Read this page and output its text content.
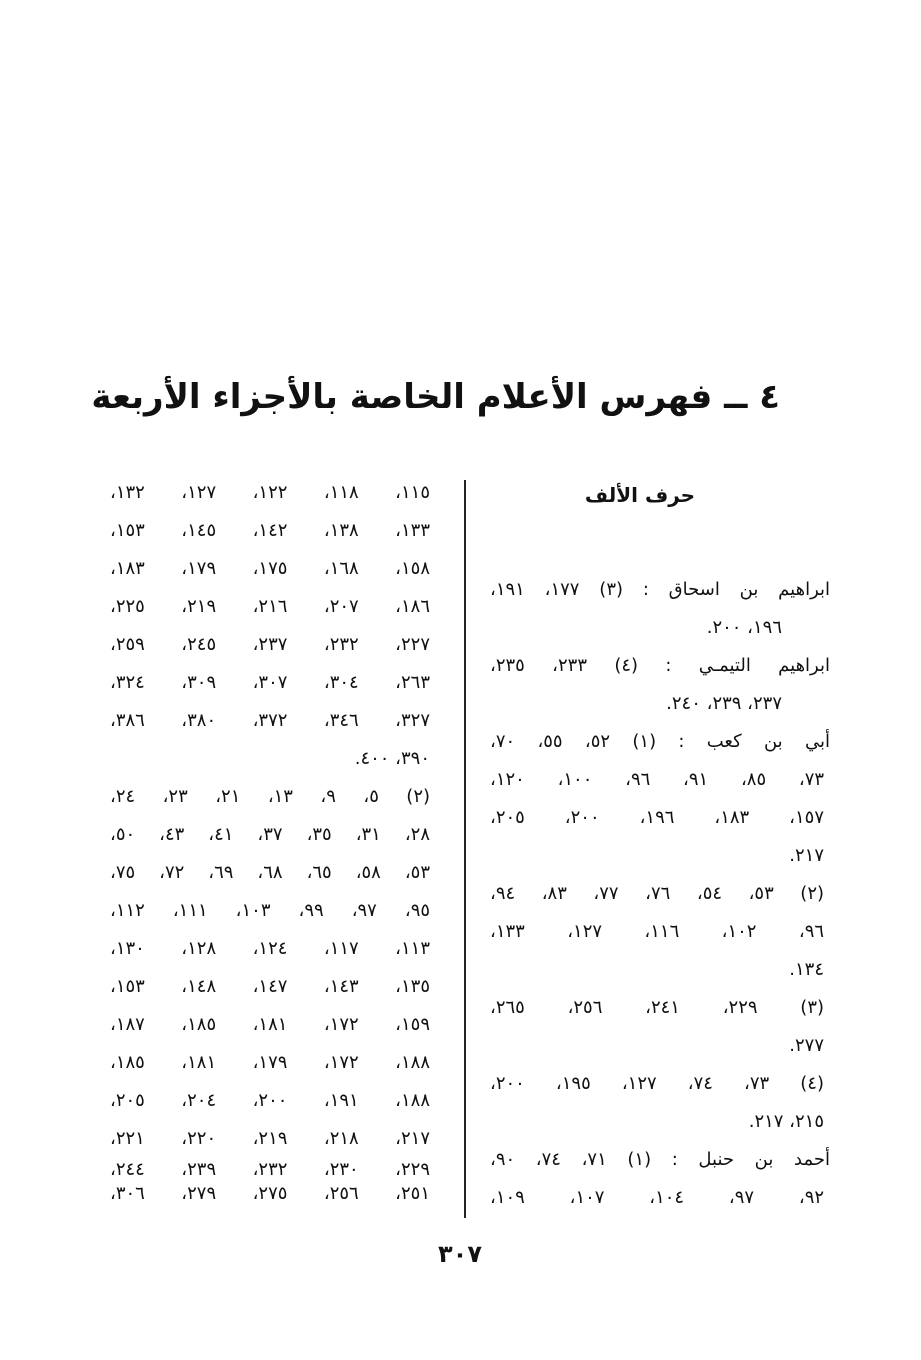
٤ ــ فهرس الأعلام الخاصة بالأجزاء الأربعة
حرف الألف
ابراهيم بن اسحاق : (٣) ١٧٧، ١٩١،
١٩٦، ٢٠٠.
ابراهيم التيمـي : (٤) ٢٣٣، ٢٣٥،
٢٣٧، ٢٣٩، ٢٤٠.
أبي بن كعب : (١) ٥٢، ٥٥، ٧٠،
٧٣، ٨٥، ٩١، ٩٦، ١٠٠، ١٢٠،
١٥٧، ١٨٣، ١٩٦، ٢٠٠، ٢٠٥،
٢١٧.
(٢) ٥٣، ٥٤، ٧٦، ٧٧، ٨٣، ٩٤،
٩٦، ١٠٢، ١١٦، ١٢٧، ١٣٣،
١٣٤.
(٣) ٢٢٩، ٢٤١، ٢٥٦، ٢٦٥،
٢٧٧.
(٤) ٧٣، ٧٤، ١٢٧، ١٩٥، ٢٠٠،
٢١٥، ٢١٧.
أحمد بن حنبل : (١) ٧١، ٧٤، ٩٠،
٩٢، ٩٧، ١٠٤، ١٠٧، ١٠٩،
١١٥، ١١٨، ١٢٢، ١٢٧، ١٣٢،
١٣٣، ١٣٨، ١٤٢، ١٤٥، ١٥٣،
١٥٨، ١٦٨، ١٧٥، ١٧٩، ١٨٣،
١٨٦، ٢٠٧، ٢١٦، ٢١٩، ٢٢٥،
٢٢٧، ٢٣٢، ٢٣٧، ٢٤٥، ٢٥٩،
٢٦٣، ٣٠٤، ٣٠٧، ٣٠٩، ٣٢٤،
٣٢٧، ٣٤٦، ٣٧٢، ٣٨٠، ٣٨٦،
٣٩٠، ٤٠٠.
(٢) ٥، ٩، ١٣، ٢١، ٢٣، ٢٤،
٢٨، ٣١، ٣٥، ٣٧، ٤١، ٤٣، ٥٠،
٥٣، ٥٨، ٦٥، ٦٨، ٦٩، ٧٢، ٧٥،
٩٥، ٩٧، ٩٩، ١٠٣، ١١١، ١١٢،
١١٣، ١١٧، ١٢٤، ١٢٨، ١٣٠،
١٣٥، ١٤٣، ١٤٧، ١٤٨، ١٥٣،
١٥٩، ١٧٢، ١٨١، ١٨٥، ١٨٧،
١٨٨، ١٧٢، ١٧٩، ١٨١، ١٨٥،
١٨٨، ١٩١، ٢٠٠، ٢٠٤، ٢٠٥،
٢١٧، ٢١٨، ٢١٩، ٢٢٠، ٢٢١،
٢٢٩، ٢٣٠، ٢٣٢، ٢٣٩، ٢٤٤،
٢٥١، ٢٥٦، ٢٧٥، ٢٧٩، ٣٠٦،
٣٠٧
